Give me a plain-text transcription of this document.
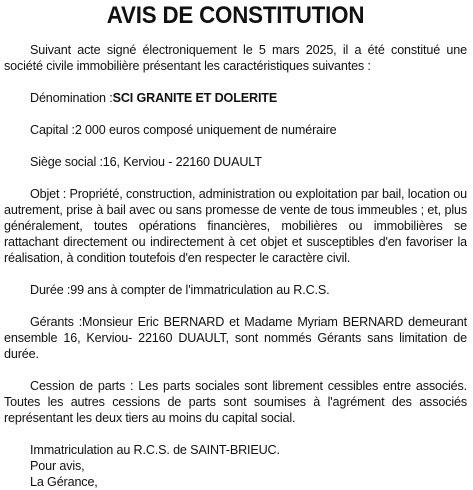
AVIS DE CONSTITUTION

Suivant acte signé électroniquement le 5 mars 2025, il a été constitué une société civile immobilière présentant les caractéristiques suivantes :

Dénomination :SCI GRANITE ET DOLERITE

Capital :2 000 euros composé uniquement de numéraire

Siège social :16, Kerviou - 22160 DUAULT

Objet : Propriété, construction, administration ou exploitation par bail, location ou autrement, prise à bail avec ou sans promesse de vente de tous immeubles ; et, plus généralement, toutes opérations financières, mobilières ou immobilières se rattachant directement ou indirectement à cet objet et susceptibles d'en favoriser la réalisation, à condition toutefois d'en respecter le caractère civil.

Durée :99 ans à compter de l'immatriculation au R.C.S.

Gérants :Monsieur Eric BERNARD et Madame Myriam BERNARD demeurant ensemble 16, Kerviou- 22160 DUAULT, sont nommés Gérants sans limitation de durée.

Cession de parts : Les parts sociales sont librement cessibles entre associés. Toutes les autres cessions de parts sont soumises à l'agrément des associés représentant les deux tiers au moins du capital social.

Immatriculation au R.C.S. de SAINT-BRIEUC.

Pour avis,

La Gérance,
